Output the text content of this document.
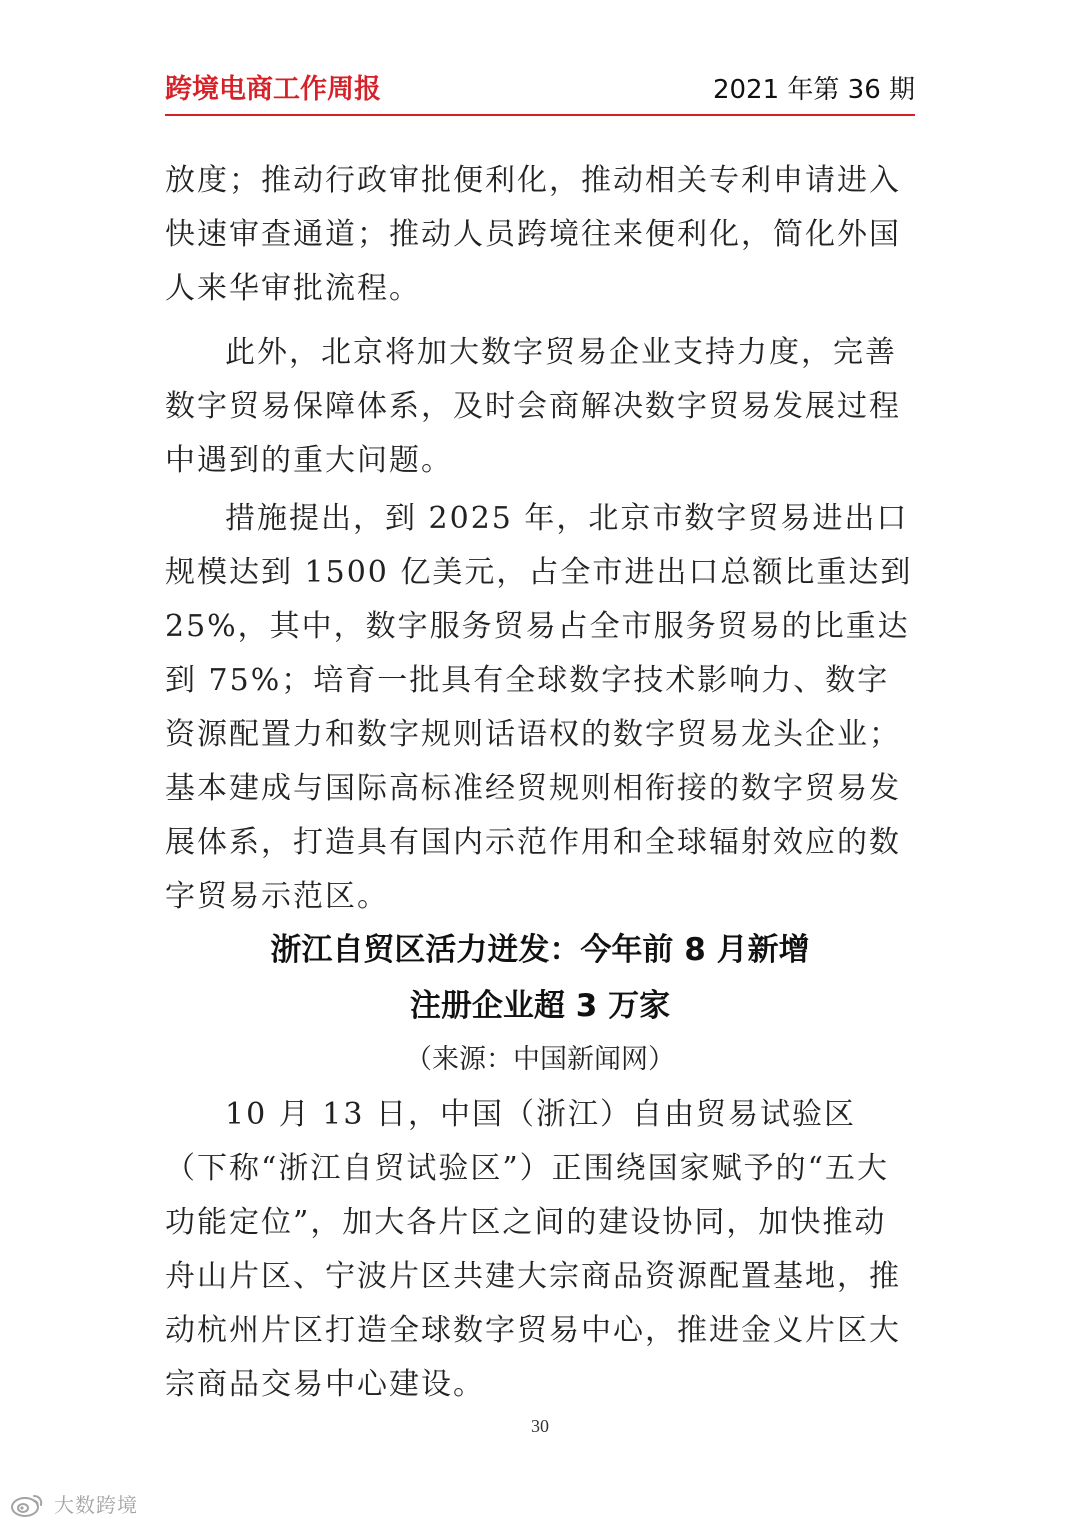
跨境电商工作周报	2021 年第 36 期

放度；推动行政审批便利化，推动相关专利申请进入快速审查通道；推动人员跨境往来便利化，简化外国人来华审批流程。

此外，北京将加大数字贸易企业支持力度，完善数字贸易保障体系，及时会商解决数字贸易发展过程中遇到的重大问题。

措施提出，到 2025 年，北京市数字贸易进出口规模达到 1500 亿美元，占全市进出口总额比重达到 25%，其中，数字服务贸易占全市服务贸易的比重达到 75%；培育一批具有全球数字技术影响力、数字资源配置力和数字规则话语权的数字贸易龙头企业；基本建成与国际高标准经贸规则相衔接的数字贸易发展体系，打造具有国内示范作用和全球辐射效应的数字贸易示范区。

浙江自贸区活力迸发：今年前 8 月新增
注册企业超 3 万家

（来源：中国新闻网）

10 月 13 日，中国（浙江）自由贸易试验区（下称“浙江自贸试验区”）正围绕国家赋予的“五大功能定位”，加大各片区之间的建设协同，加快推动舟山片区、宁波片区共建大宗商品资源配置基地，推动杭州片区打造全球数字贸易中心，推进金义片区大宗商品交易中心建设。

30
大数跨境
